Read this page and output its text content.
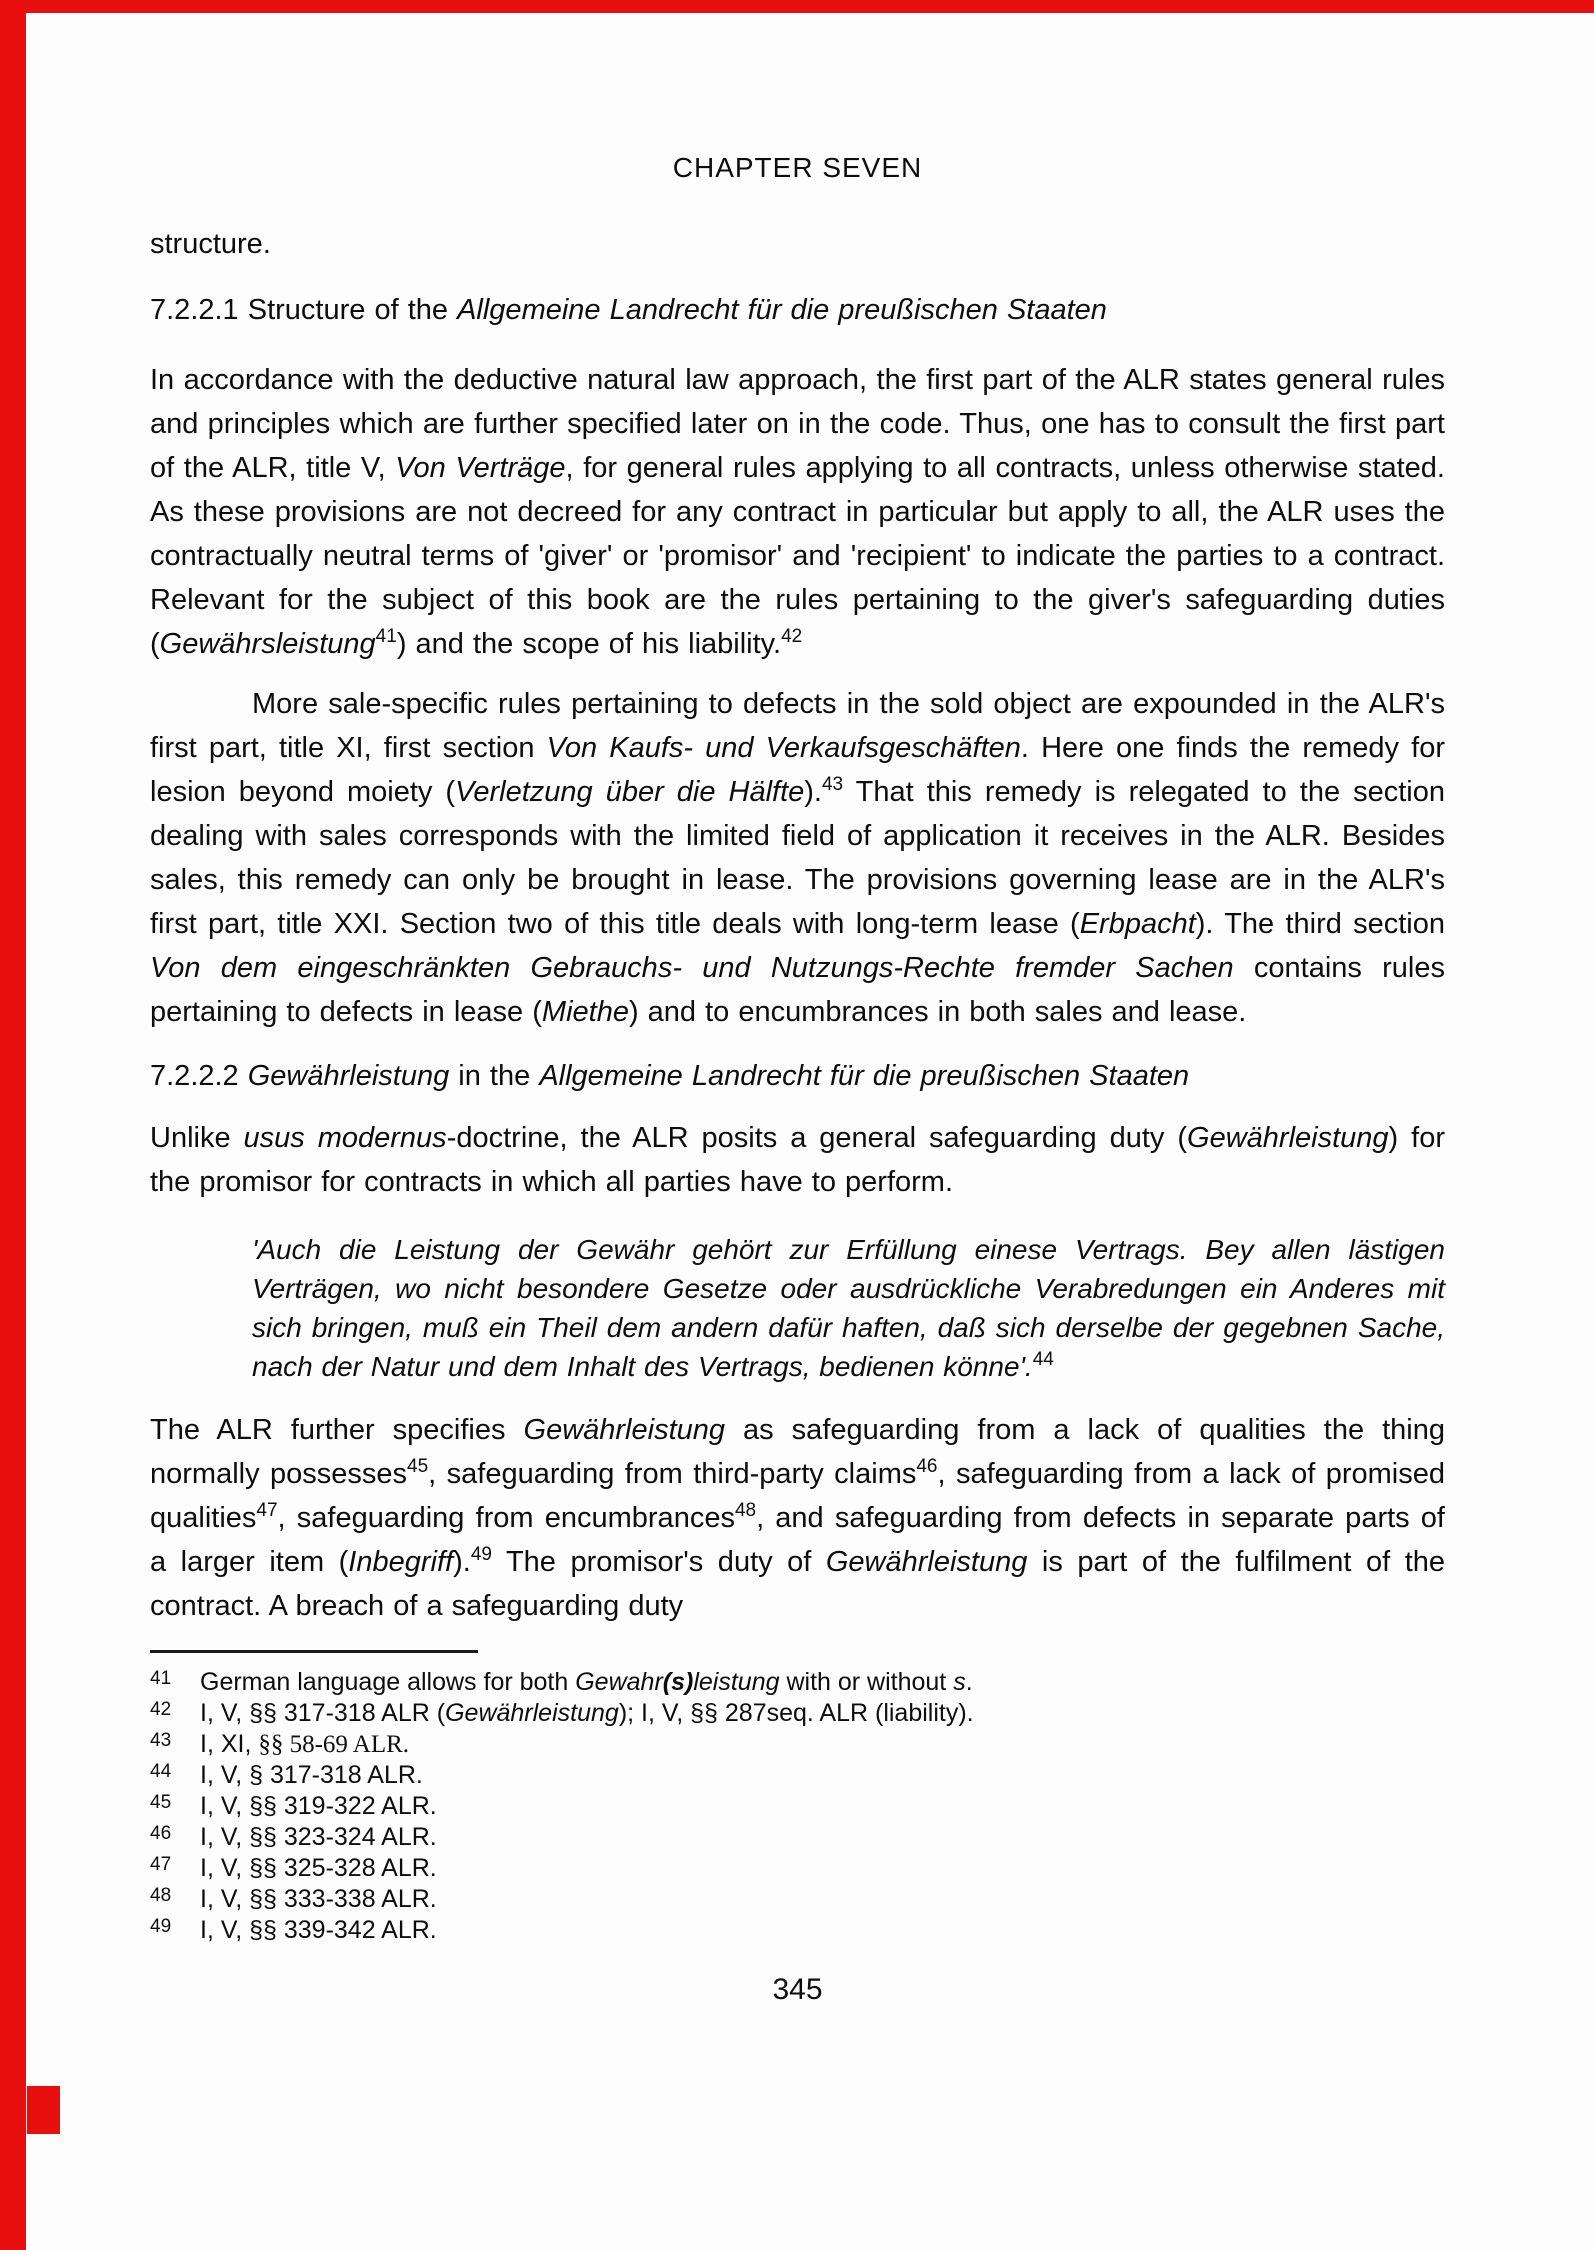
CHAPTER SEVEN

structure.

7.2.2.1 Structure of the Allgemeine Landrecht für die preußischen Staaten

In accordance with the deductive natural law approach, the first part of the ALR states general rules and principles which are further specified later on in the code. Thus, one has to consult the first part of the ALR, title V, Von Verträge, for general rules applying to all contracts, unless otherwise stated. As these provisions are not decreed for any contract in particular but apply to all, the ALR uses the contractually neutral terms of 'giver' or 'promisor' and 'recipient' to indicate the parties to a contract. Relevant for the subject of this book are the rules pertaining to the giver's safeguarding duties (Gewährsleistung$^{41}$) and the scope of his liability.$^{42}$

More sale-specific rules pertaining to defects in the sold object are expounded in the ALR's first part, title XI, first section Von Kaufs- und Verkaufsgeschäften. Here one finds the remedy for lesion beyond moiety (Verletzung über die Hälfte).$^{43}$ That this remedy is relegated to the section dealing with sales corresponds with the limited field of application it receives in the ALR. Besides sales, this remedy can only be brought in lease. The provisions governing lease are in the ALR's first part, title XXI. Section two of this title deals with long-term lease (Erbpacht). The third section Von dem eingeschränkten Gebrauchs- und Nutzungs-Rechte fremder Sachen contains rules pertaining to defects in lease (Miethe) and to encumbrances in both sales and lease.

7.2.2.2 Gewährleistung in the Allgemeine Landrecht für die preußischen Staaten

Unlike usus modernus-doctrine, the ALR posits a general safeguarding duty (Gewährleistung) for the promisor for contracts in which all parties have to perform.

'Auch die Leistung der Gewähr gehört zur Erfüllung einese Vertrags. Bey allen lästigen Verträgen, wo nicht besondere Gesetze oder ausdrückliche Verabredungen ein Anderes mit sich bringen, muß ein Theil dem andern dafür haften, daß sich derselbe der gegebnen Sache, nach der Natur und dem Inhalt des Vertrags, bedienen könne'.$^{44}$

The ALR further specifies Gewährleistung as safeguarding from a lack of qualities the thing normally possesses$^{45}$, safeguarding from third-party claims$^{46}$, safeguarding from a lack of promised qualities$^{47}$, safeguarding from encumbrances$^{48}$, and safeguarding from defects in separate parts of a larger item (Inbegriff).$^{49}$ The promisor's duty of Gewährleistung is part of the fulfilment of the contract. A breach of a safeguarding duty

41 German language allows for both Gewahr(s)leistung with or without s.
42 I, V, §§ 317-318 ALR (Gewährleistung); I, V, §§ 287seq. ALR (liability).
43 I, XI, §§ 58-69 ALR.
44 I, V, § 317-318 ALR.
45 I, V, §§ 319-322 ALR.
46 I, V, §§ 323-324 ALR.
47 I, V, §§ 325-328 ALR.
48 I, V, §§ 333-338 ALR.
49 I, V, §§ 339-342 ALR.
345
